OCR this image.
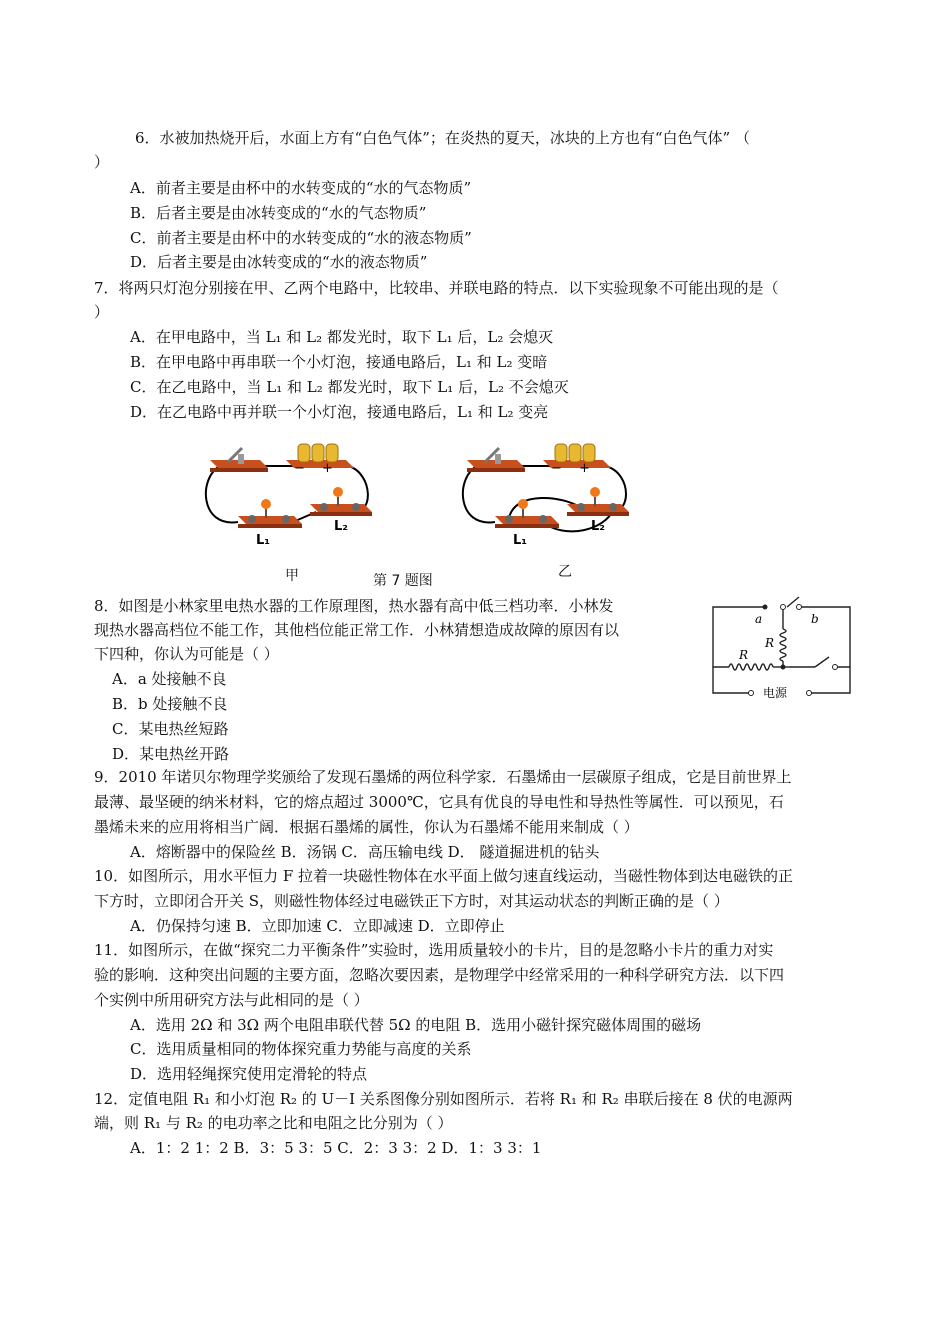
6．水被加热烧开后，水面上方有“白色气体”；在炎热的夏天，冰块的上方也有“白色气体” （
）
A．前者主要是由杯中的水转变成的“水的气态物质”
B．后者主要是由冰转变成的“水的气态物质”
C．前者主要是由杯中的水转变成的“水的液态物质”
D．后者主要是由冰转变成的“水的液态物质”
7．将两只灯泡分别接在甲、乙两个电路中，比较串、并联电路的特点．以下实验现象不可能出现的是（
）
A．在甲电路中，当 L₁ 和 L₂ 都发光时，取下 L₁ 后，L₂ 会熄灭
B．在甲电路中再串联一个小灯泡，接通电路后，L₁ 和 L₂ 变暗
C．在乙电路中，当 L₁ 和 L₂ 都发光时，取下 L₁ 后，L₂ 不会熄灭
D．在乙电路中再并联一个小灯泡，接通电路后，L₁ 和 L₂ 变亮
− +
L₁
L₂
− +
L₁
L₂
甲	第 7 题图
乙
8．如图是小林家里电热水器的工作原理图，热水器有高中低三档功率．小林发
现热水器高档位不能工作，其他档位能正常工作．小林猜想造成故障的原因有以
下四种，你认为可能是（ ）
A．a 处接触不良
B．b 处接触不良
C．某电热丝短路
D．某电热丝开路
a	b
R
R
电源
9．2010 年诺贝尔物理学奖颁给了发现石墨烯的两位科学家．石墨烯由一层碳原子组成，它是目前世界上
最薄、最坚硬的纳米材料，它的熔点超过 3000℃，它具有优良的导电性和导热性等属性．可以预见，石
墨烯未来的应用将相当广阔．根据石墨烯的属性，你认为石墨烯不能用来制成（ ）
A．熔断器中的保险丝 B．汤锅 C．高压输电线 D． 隧道掘进机的钻头
10．如图所示，用水平恒力 F 拉着一块磁性物体在水平面上做匀速直线运动，当磁性物体到达电磁铁的正
下方时，立即闭合开关 S，则磁性物体经过电磁铁正下方时，对其运动状态的判断正确的是（ ）
A．仍保持匀速 B．立即加速 C．立即减速 D．立即停止
11．如图所示，在做“探究二力平衡条件”实验时，选用质量较小的卡片，目的是忽略小卡片的重力对实
验的影响．这种突出问题的主要方面，忽略次要因素，是物理学中经常采用的一种科学研究方法．以下四
个实例中所用研究方法与此相同的是（ ）
A．选用 2Ω 和 3Ω 两个电阻串联代替 5Ω 的电阻 B．选用小磁针探究磁体周围的磁场
C．选用质量相同的物体探究重力势能与高度的关系
D．选用轻绳探究使用定滑轮的特点
12．定值电阻 R₁ 和小灯泡 R₂ 的 U－I 关系图像分别如图所示．若将 R₁ 和 R₂ 串联后接在 8 伏的电源两
端，则 R₁ 与 R₂ 的电功率之比和电阻之比分别为（ ）
A．1：2 1：2 B．3：5 3：5 C．2：3 3：2 D．1：3 3：1
